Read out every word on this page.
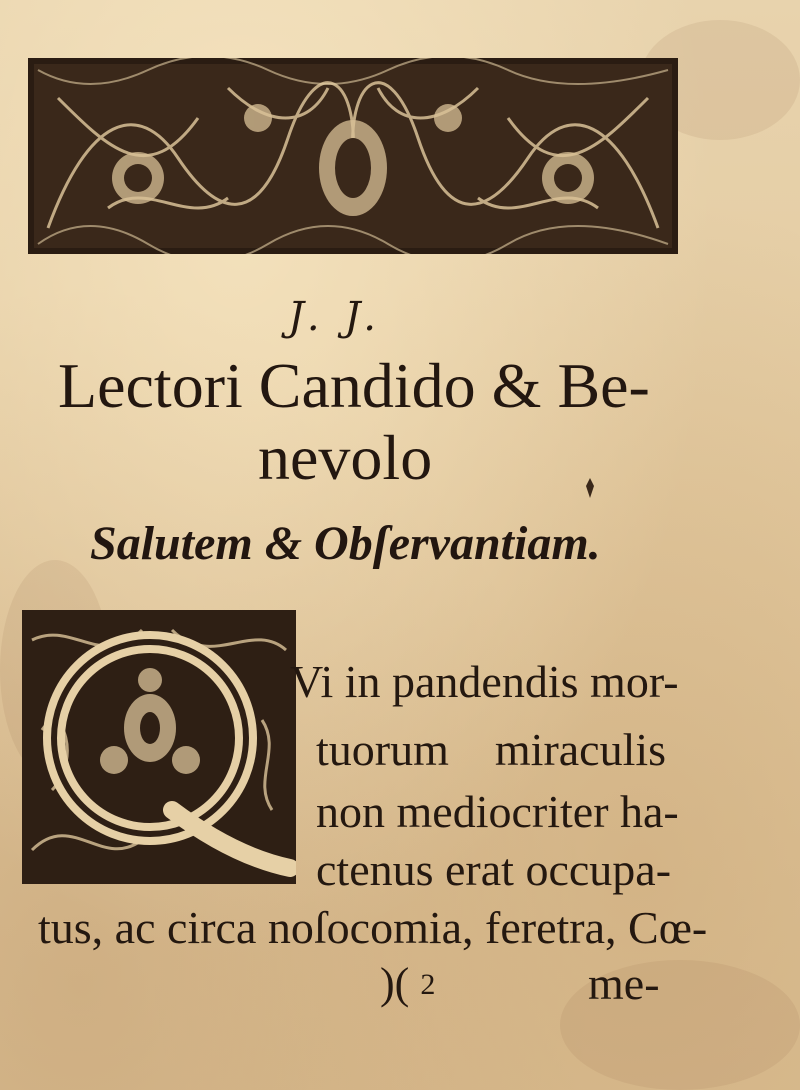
J. J.
Lectori Candido & Be-
nevolo
Salutem & Obſervantiam.
Vi in pandendis mor-
tuorum    miraculis
non mediocriter ha-
ctenus erat occupa-
tus, ac circa noſocomia, feretra, Cœ-
)( 2	me-
